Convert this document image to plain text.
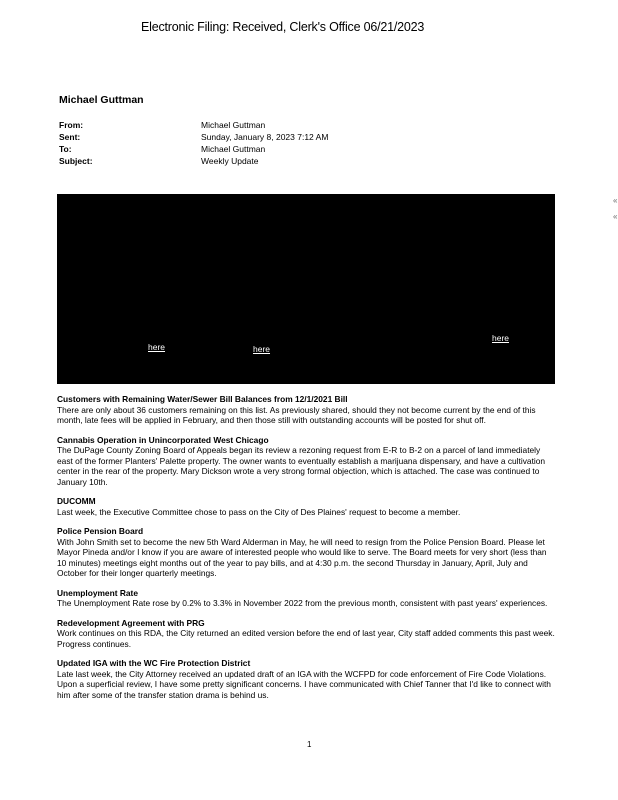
Electronic Filing: Received, Clerk's Office 06/21/2023
Michael Guttman
From:	Michael Guttman
Sent:	Sunday, January 8, 2023 7:12 AM
To:	Michael Guttman
Subject:	Weekly Update
here	here
here
«
«
Customers with Remaining Water/Sewer Bill Balances from 12/1/2021 Bill

There are only about 36 customers remaining on this list. As previously shared, should they not become current by the end of this month, late fees will be applied in February, and then those still with outstanding accounts will be posted for shut off.

Cannabis Operation in Unincorporated West Chicago

The DuPage County Zoning Board of Appeals began its review a rezoning request from E-R to B-2 on a parcel of land immediately east of the former Planters' Palette property. The owner wants to eventually establish a marijuana dispensary, and have a cultivation center in the rear of the property. Mary Dickson wrote a very strong formal objection, which is attached. The case was continued to January 10th.

DUCOMM

Last week, the Executive Committee chose to pass on the City of Des Plaines' request to become a member.

Police Pension Board

With John Smith set to become the new 5th Ward Alderman in May, he will need to resign from the Police Pension Board. Please let Mayor Pineda and/or I know if you are aware of interested people who would like to serve. The Board meets for very short (less than 10 minutes) meetings eight months out of the year to pay bills, and at 4:30 p.m. the second Thursday in January, April, July and October for their longer quarterly meetings.

Unemployment Rate

The Unemployment Rate rose by 0.2% to 3.3% in November 2022 from the previous month, consistent with past years' experiences.

Redevelopment Agreement with PRG

Work continues on this RDA, the City returned an edited version before the end of last year, City staff added comments this past week. Progress continues.

Updated IGA with the WC Fire Protection District

Late last week, the City Attorney received an updated draft of an IGA with the WCFPD for code enforcement of Fire Code Violations. Upon a superficial review, I have some pretty significant concerns. I have communicated with Chief Tanner that I'd like to connect with him after some of the transfer station drama is behind us.

1
